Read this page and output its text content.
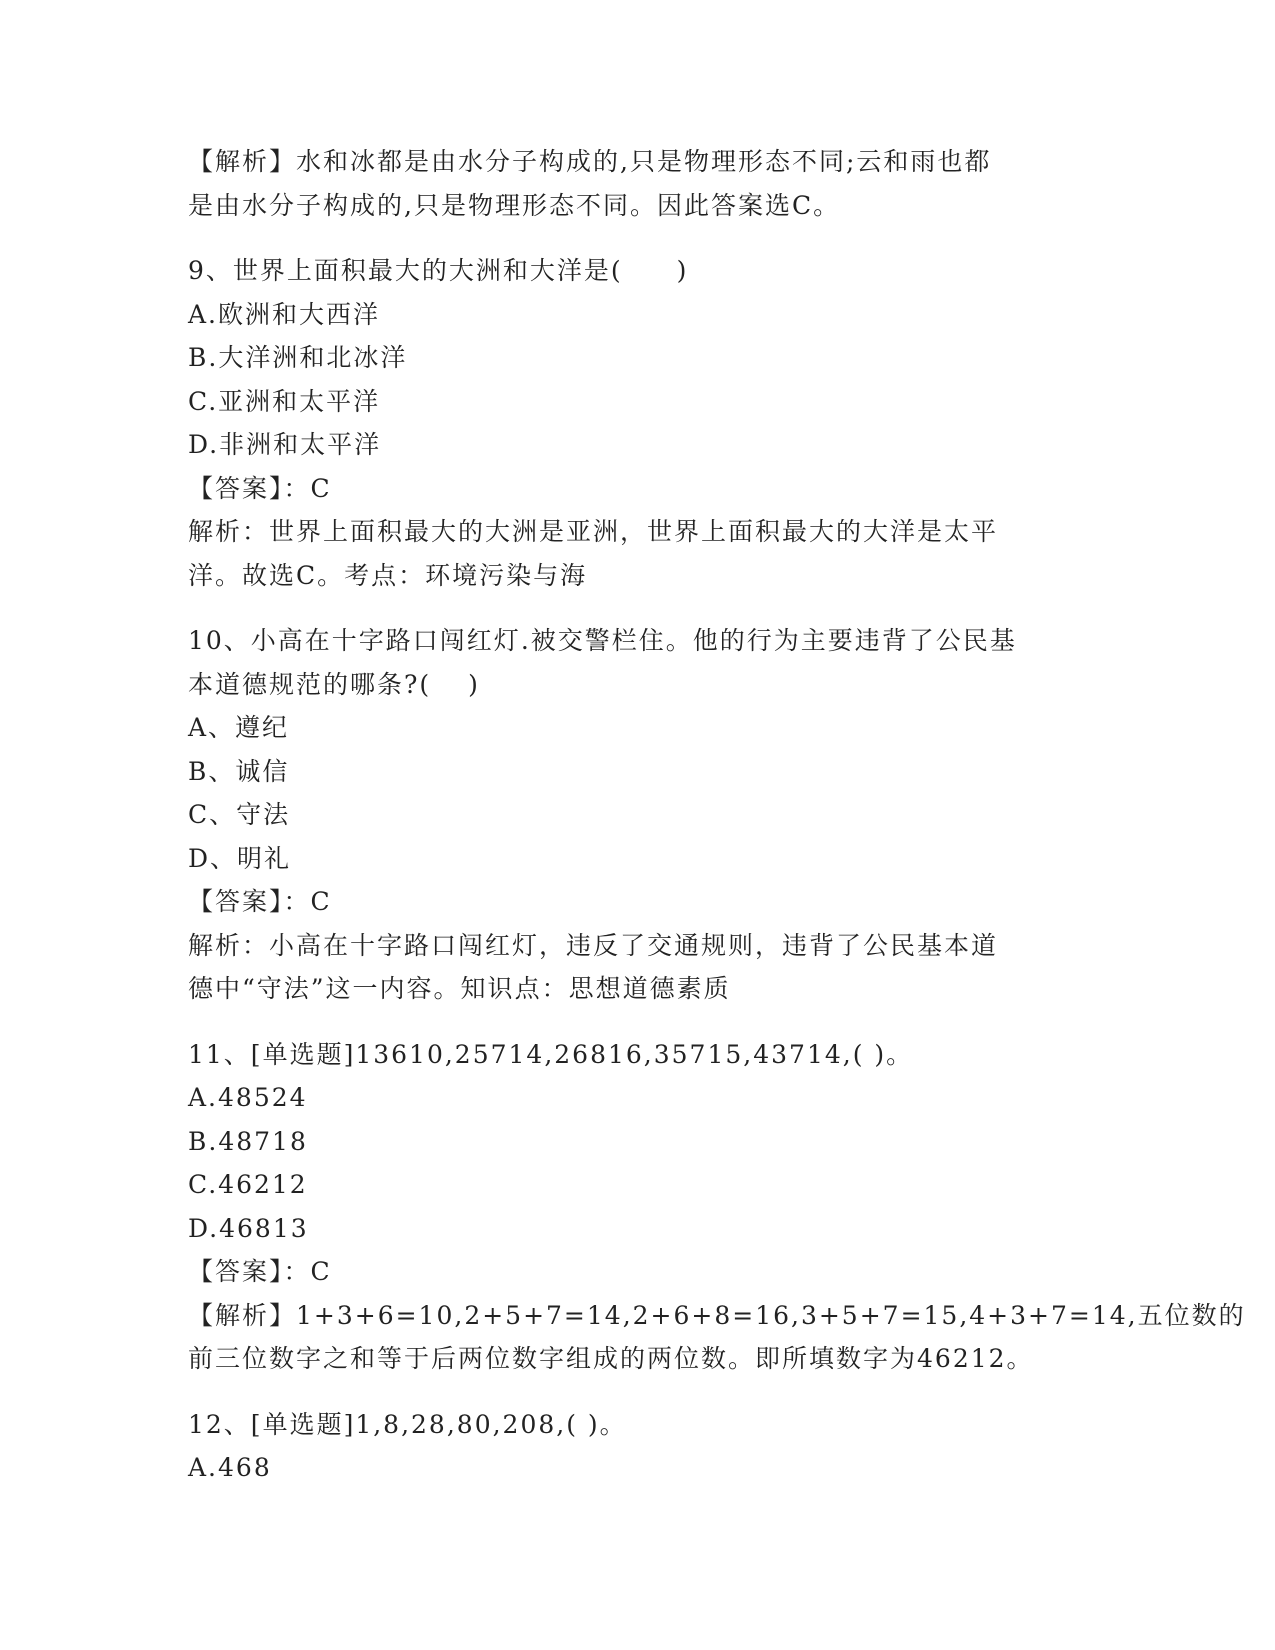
【解析】水和冰都是由水分子构成的,只是物理形态不同;云和雨也都
是由水分子构成的,只是物理形态不同。因此答案选C。
9、世界上面积最大的大洲和大洋是(　　)
A.欧洲和大西洋
B.大洋洲和北冰洋
C.亚洲和太平洋
D.非洲和太平洋
【答案】：C
解析：世界上面积最大的大洲是亚洲，世界上面积最大的大洋是太平
洋。故选C。考点：环境污染与海
10、小高在十字路口闯红灯.被交警栏住。他的行为主要违背了公民基
本道德规范的哪条?(　 )
A、遵纪
B、诚信
C、守法
D、明礼
【答案】：C
解析：小高在十字路口闯红灯，违反了交通规则，违背了公民基本道
德中“守法”这一内容。知识点：思想道德素质
11、[单选题]13610,25714,26816,35715,43714,( )。
A.48524
B.48718
C.46212
D.46813
【答案】：C
【解析】1+3+6=10,2+5+7=14,2+6+8=16,3+5+7=15,4+3+7=14,五位数的
前三位数字之和等于后两位数字组成的两位数。即所填数字为46212。
12、[单选题]1,8,28,80,208,( )。
A.468
